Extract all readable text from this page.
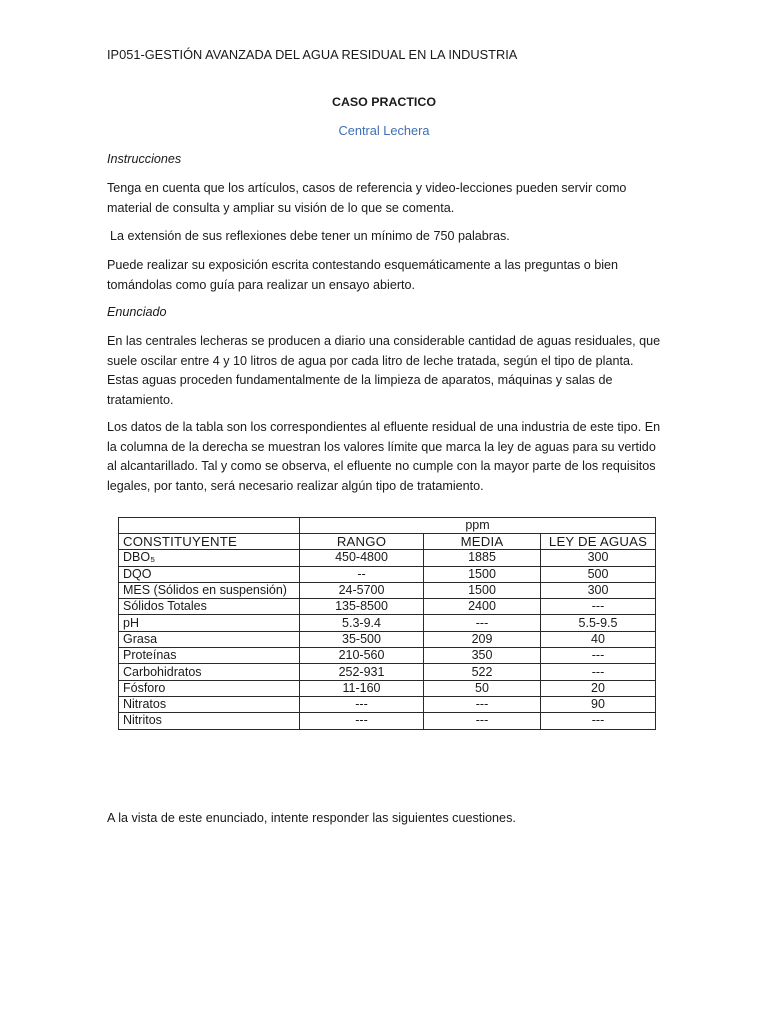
IP051-GESTIÓN AVANZADA DEL AGUA RESIDUAL EN LA INDUSTRIA

CASO PRACTICO

Central Lechera

Instrucciones

Tenga en cuenta que los artículos, casos de referencia y video-lecciones pueden servir como material de consulta y ampliar su visión de lo que se comenta.

La extensión de sus reflexiones debe tener un mínimo de 750 palabras.

Puede realizar su exposición escrita contestando esquemáticamente a las preguntas o bien tomándolas como guía para realizar un ensayo abierto.

Enunciado

En las centrales lecheras se producen a diario una considerable cantidad de aguas residuales, que suele oscilar entre 4 y 10 litros de agua por cada litro de leche tratada, según el tipo de planta. Estas aguas proceden fundamentalmente de la limpieza de aparatos, máquinas y salas de tratamiento.

Los datos de la tabla son los correspondientes al efluente residual de una industria de este tipo. En la columna de la derecha se muestran los valores límite que marca la ley de aguas para su vertido al alcantarillado. Tal y como se observa, el efluente no cumple con la mayor parte de los requisitos legales, por tanto, será necesario realizar algún tipo de tratamiento.

	ppm		
CONSTITUYENTE	RANGO	MEDIA	LEY DE AGUAS
DBO₅	450-4800	1885	300
DQO	--	1500	500
MES (Sólidos en suspensión)	24-5700	1500	300
Sólidos Totales	135-8500	2400	---
pH	5.3-9.4	---	5.5-9.5
Grasa	35-500	209	40
Proteínas	210-560	350	---
Carbohidratos	252-931	522	---
Fósforo	11-160	50	20
Nitratos	---	---	90
Nitritos	---	---	---

A la vista de este enunciado, intente responder las siguientes cuestiones.
